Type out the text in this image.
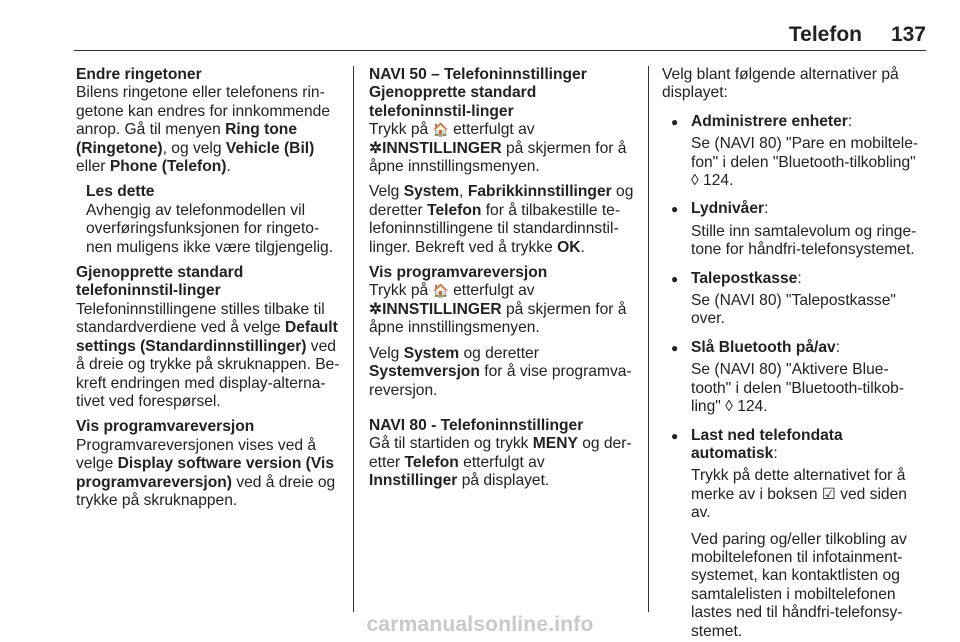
Telefon 137
Endre ringetoner

Bilens ringetone eller telefonens rin-getone kan endres for innkommende anrop. Gå til menyen Ring tone (Ringetone), og velg Vehicle (Bil) eller Phone (Telefon).

Les dette

Avhengig av telefonmodellen vil overføringsfunksjonen for ringeto-nen muligens ikke være tilgjengelig.

Gjenopprette standard telefoninnstil-linger

Telefoninnstillingene stilles tilbake til standardverdiene ved å velge Default settings (Standardinnstillinger) ved å dreie og trykke på skruknappen. Be-kreft endringen med display-alterna-tivet ved forespørsel.

Vis programvareversjon

Programvareversjonen vises ved å velge Display software version (Vis programvareversjon) ved å dreie og trykke på skruknappen.

NAVI 50 – Telefoninnstillinger
Gjenopprette standard telefoninnstil-linger

Trykk på 🏠 etterfulgt av
✲INNSTILLINGER på skjermen for å åpne innstillingsmenyen.

Velg System, Fabrikkinnstillinger og deretter Telefon for å tilbakestille te-lefoninnstillingene til standardinnstil-linger. Bekreft ved å trykke OK.

Vis programvareversjon

Trykk på 🏠 etterfulgt av
✲INNSTILLINGER på skjermen for å åpne innstillingsmenyen.

Velg System og deretter Systemversjon for å vise programva-reversjon.

NAVI 80 - Telefoninnstillinger

Gå til startiden og trykk MENY og der-etter Telefon etterfulgt av Innstillinger på displayet.

Velg blant følgende alternativer på displayet:

● Administrere enheter:
Se (NAVI 80) "Pare en mobiltele-fon" i delen "Bluetooth-tilkobling" ◊ 124.
● Lydnivåer:
Stille inn samtalevolum og ringe-tone for håndfri-telefonsystemet.
● Talepostkasse:
Se (NAVI 80) "Talepostkasse" over.
● Slå Bluetooth på/av:
Se (NAVI 80) "Aktivere Blue-tooth" i delen "Bluetooth-tilkob-ling" ◊ 124.
● Last ned telefondata automatisk:
Trykk på dette alternativet for å merke av i boksen ☑ ved siden av.
Ved paring og/eller tilkobling av mobiltelefonen til infotainment-systemet, kan kontaktlisten og samtalelisten i mobiltelefonen lastes ned til håndfri-telefonsy-stemet.
carmanualsonline.info
